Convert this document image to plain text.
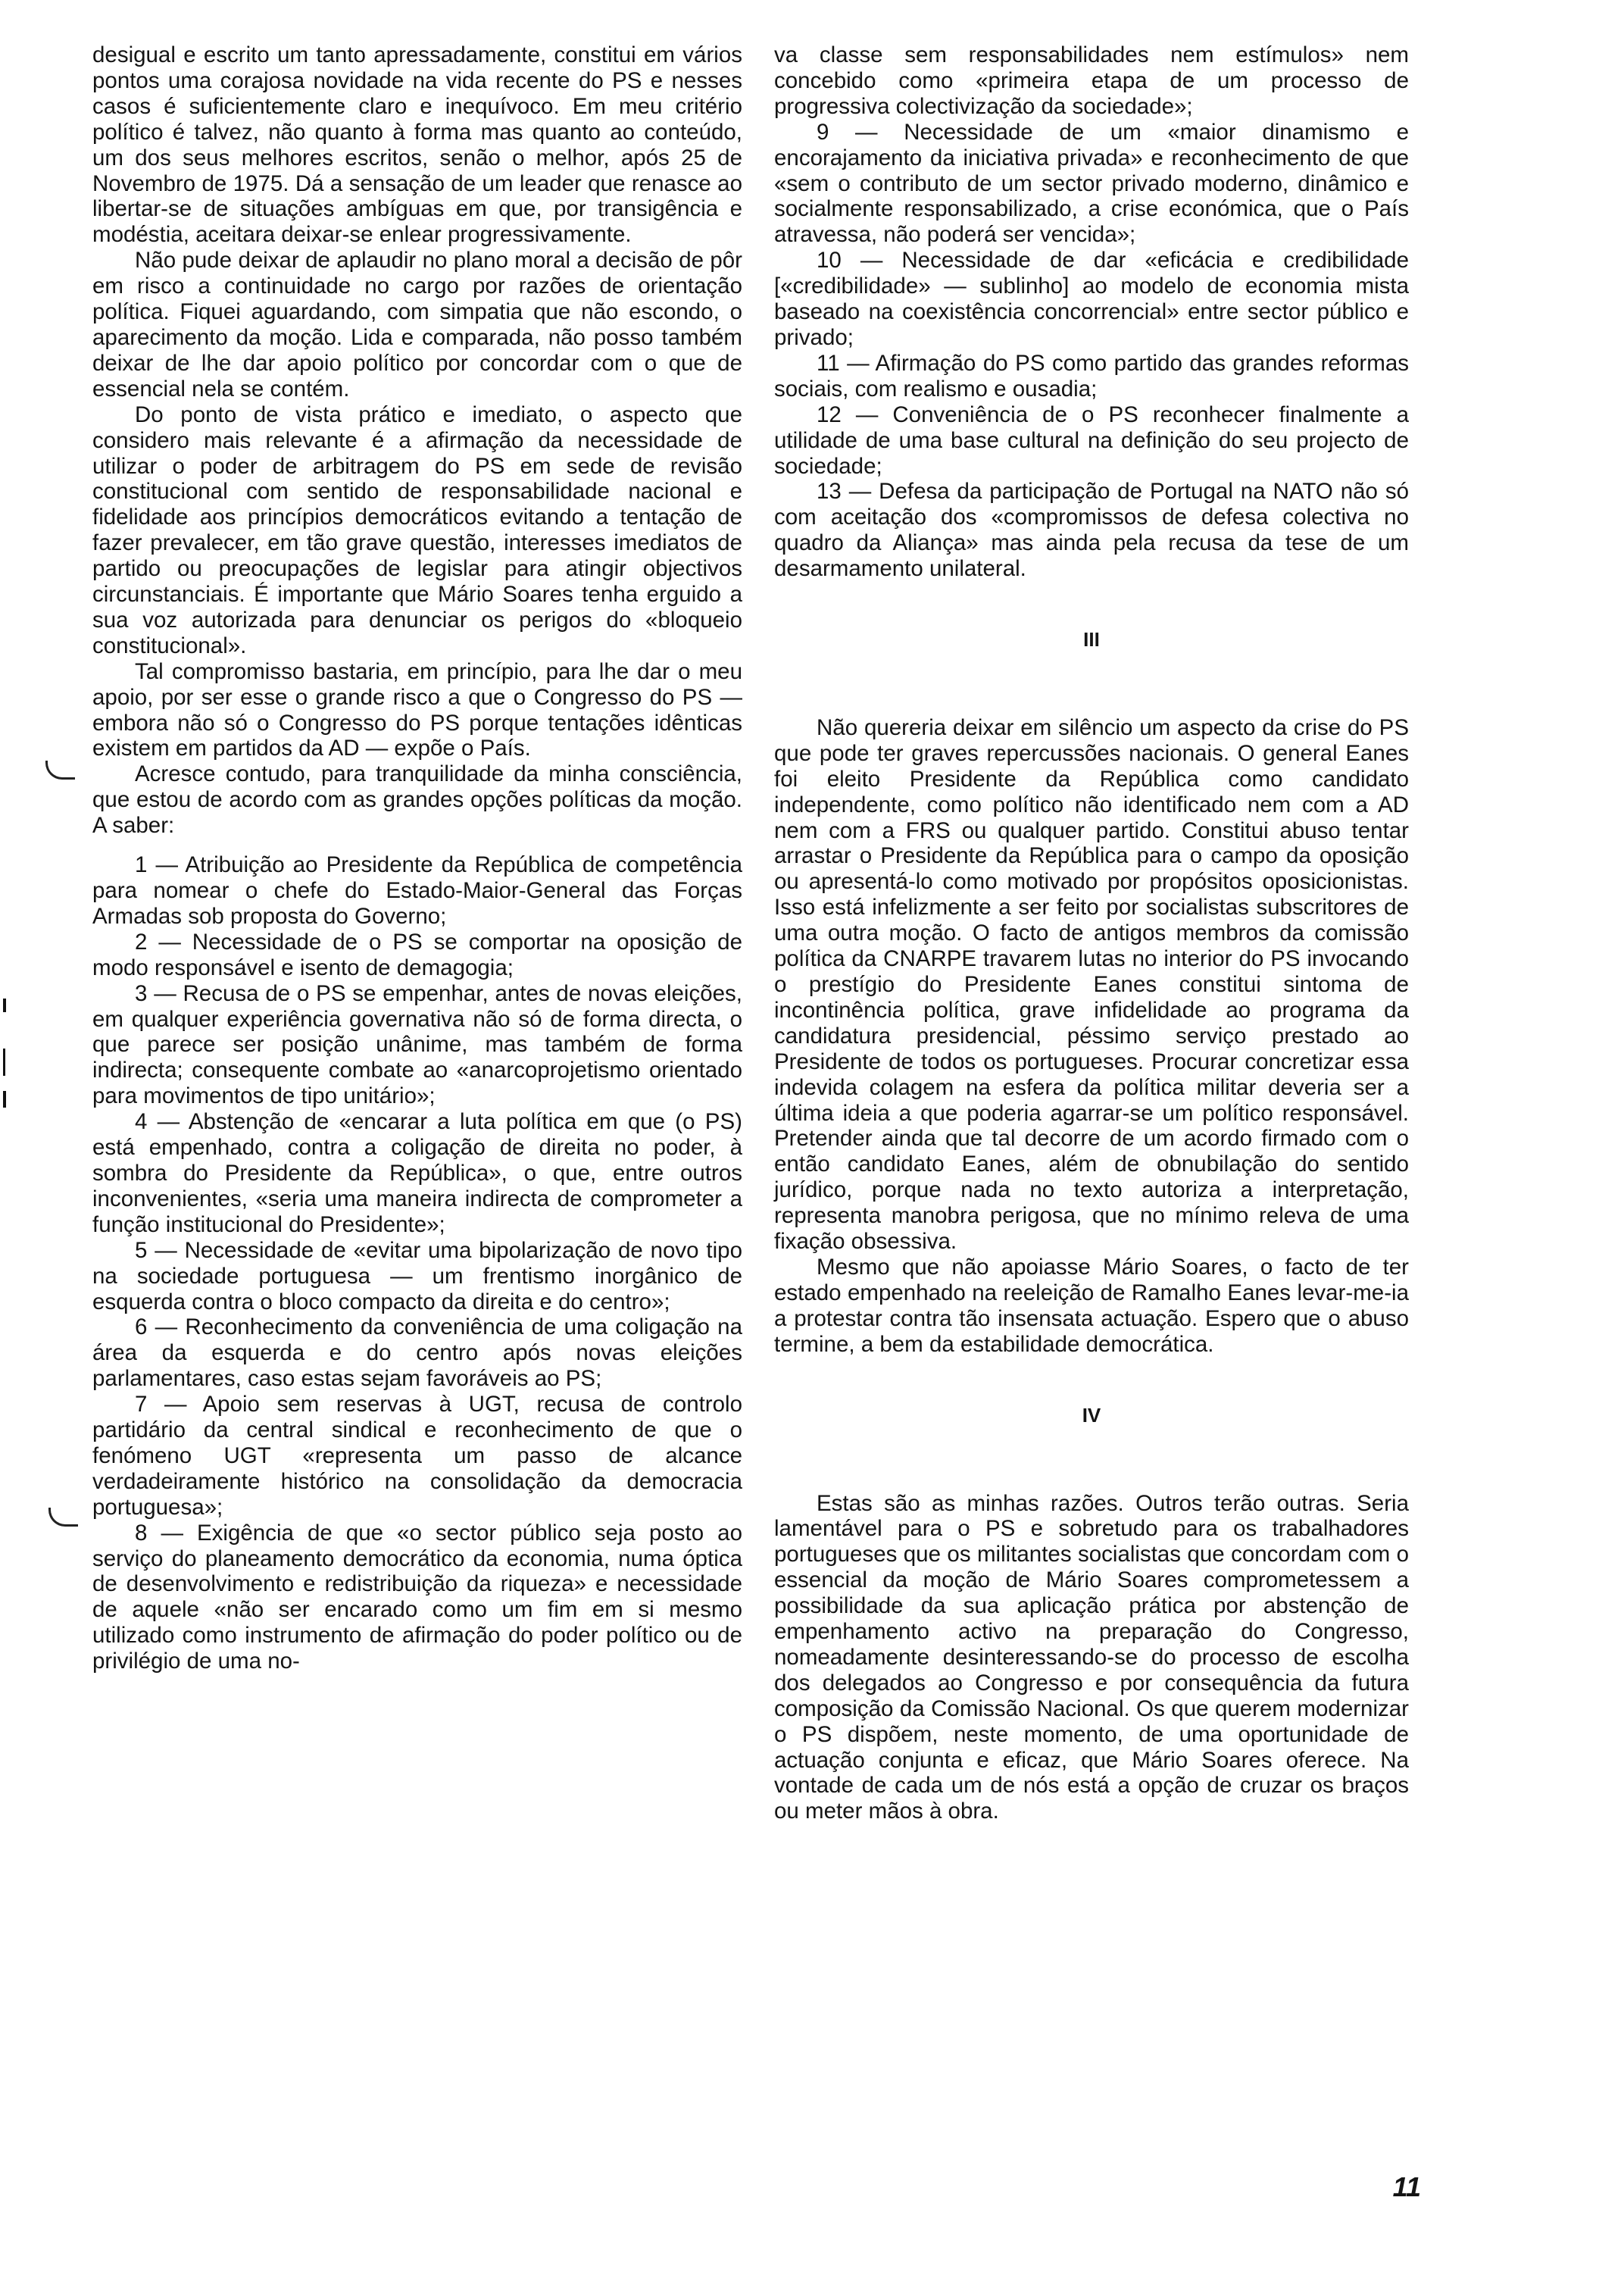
desigual e escrito um tanto apressadamente, constitui em vários pontos uma corajosa novidade na vida recente do PS e nesses casos é suficientemente claro e inequívoco. Em meu critério político é talvez, não quanto à forma mas quanto ao conteúdo, um dos seus melhores escritos, senão o melhor, após 25 de Novembro de 1975. Dá a sensação de um leader que renasce ao libertar-se de situações ambíguas em que, por transigência e modéstia, aceitara deixar-se enlear progressivamente.

Não pude deixar de aplaudir no plano moral a decisão de pôr em risco a continuidade no cargo por razões de orientação política. Fiquei aguardando, com simpatia que não escondo, o aparecimento da moção. Lida e comparada, não posso também deixar de lhe dar apoio político por concordar com o que de essencial nela se contém.

Do ponto de vista prático e imediato, o aspecto que considero mais relevante é a afirmação da necessidade de utilizar o poder de arbitragem do PS em sede de revisão constitucional com sentido de responsabilidade nacional e fidelidade aos princípios democráticos evitando a tentação de fazer prevalecer, em tão grave questão, interesses imediatos de partido ou preocupações de legislar para atingir objectivos circunstanciais. É importante que Mário Soares tenha erguido a sua voz autorizada para denunciar os perigos do «bloqueio constitucional».

Tal compromisso bastaria, em princípio, para lhe dar o meu apoio, por ser esse o grande risco a que o Congresso do PS — embora não só o Congresso do PS porque tentações idênticas existem em partidos da AD — expõe o País.

Acresce contudo, para tranquilidade da minha consciência, que estou de acordo com as grandes opções políticas da moção. A saber:

1 — Atribuição ao Presidente da República de competência para nomear o chefe do Estado-Maior-General das Forças Armadas sob proposta do Governo;

2 — Necessidade de o PS se comportar na oposição de modo responsável e isento de demagogia;

3 — Recusa de o PS se empenhar, antes de novas eleições, em qualquer experiência governativa não só de forma directa, o que parece ser posição unânime, mas também de forma indirecta; consequente combate ao «anarcoprojetismo orientado para movimentos de tipo unitário»;

4 — Abstenção de «encarar a luta política em que (o PS) está empenhado, contra a coligação de direita no poder, à sombra do Presidente da República», o que, entre outros inconvenientes, «seria uma maneira indirecta de comprometer a função institucional do Presidente»;

5 — Necessidade de «evitar uma bipolarização de novo tipo na sociedade portuguesa — um frentismo inorgânico de esquerda contra o bloco compacto da direita e do centro»;

6 — Reconhecimento da conveniência de uma coligação na área da esquerda e do centro após novas eleições parlamentares, caso estas sejam favoráveis ao PS;

7 — Apoio sem reservas à UGT, recusa de controlo partidário da central sindical e reconhecimento de que o fenómeno UGT «representa um passo de alcance verdadeiramente histórico na consolidação da democracia portuguesa»;

8 — Exigência de que «o sector público seja posto ao serviço do planeamento democrático da economia, numa óptica de desenvolvimento e redistribuição da riqueza» e necessidade de aquele «não ser encarado como um fim em si mesmo utilizado como instrumento de afirmação do poder político ou de privilégio de uma no-

va classe sem responsabilidades nem estímulos» nem concebido como «primeira etapa de um processo de progressiva colectivização da sociedade»;

9 — Necessidade de um «maior dinamismo e encorajamento da iniciativa privada» e reconhecimento de que «sem o contributo de um sector privado moderno, dinâmico e socialmente responsabilizado, a crise económica, que o País atravessa, não poderá ser vencida»;

10 — Necessidade de dar «eficácia e credibilidade [«credibilidade» — sublinho] ao modelo de economia mista baseado na coexistência concorrencial» entre sector público e privado;

11 — Afirmação do PS como partido das grandes reformas sociais, com realismo e ousadia;

12 — Conveniência de o PS reconhecer finalmente a utilidade de uma base cultural na definição do seu projecto de sociedade;

13 — Defesa da participação de Portugal na NATO não só com aceitação dos «compromissos de defesa colectiva no quadro da Aliança» mas ainda pela recusa da tese de um desarmamento unilateral.

III

Não quereria deixar em silêncio um aspecto da crise do PS que pode ter graves repercussões nacionais. O general Eanes foi eleito Presidente da República como candidato independente, como político não identificado nem com a AD nem com a FRS ou qualquer partido. Constitui abuso tentar arrastar o Presidente da República para o campo da oposição ou apresentá-lo como motivado por propósitos oposicionistas. Isso está infelizmente a ser feito por socialistas subscritores de uma outra moção. O facto de antigos membros da comissão política da CNARPE travarem lutas no interior do PS invocando o prestígio do Presidente Eanes constitui sintoma de incontinência política, grave infidelidade ao programa da candidatura presidencial, péssimo serviço prestado ao Presidente de todos os portugueses. Procurar concretizar essa indevida colagem na esfera da política militar deveria ser a última ideia a que poderia agarrar-se um político responsável. Pretender ainda que tal decorre de um acordo firmado com o então candidato Eanes, além de obnubilação do sentido jurídico, porque nada no texto autoriza a interpretação, representa manobra perigosa, que no mínimo releva de uma fixação obsessiva.

Mesmo que não apoiasse Mário Soares, o facto de ter estado empenhado na reeleição de Ramalho Eanes levar-me-ia a protestar contra tão insensata actuação. Espero que o abuso termine, a bem da estabilidade democrática.

IV

Estas são as minhas razões. Outros terão outras. Seria lamentável para o PS e sobretudo para os trabalhadores portugueses que os militantes socialistas que concordam com o essencial da moção de Mário Soares comprometessem a possibilidade da sua aplicação prática por abstenção de empenhamento activo na preparação do Congresso, nomeadamente desinteressando-se do processo de escolha dos delegados ao Congresso e por consequência da futura composição da Comissão Nacional. Os que querem modernizar o PS dispõem, neste momento, de uma oportunidade de actuação conjunta e eficaz, que Mário Soares oferece. Na vontade de cada um de nós está a opção de cruzar os braços ou meter mãos à obra.

11
